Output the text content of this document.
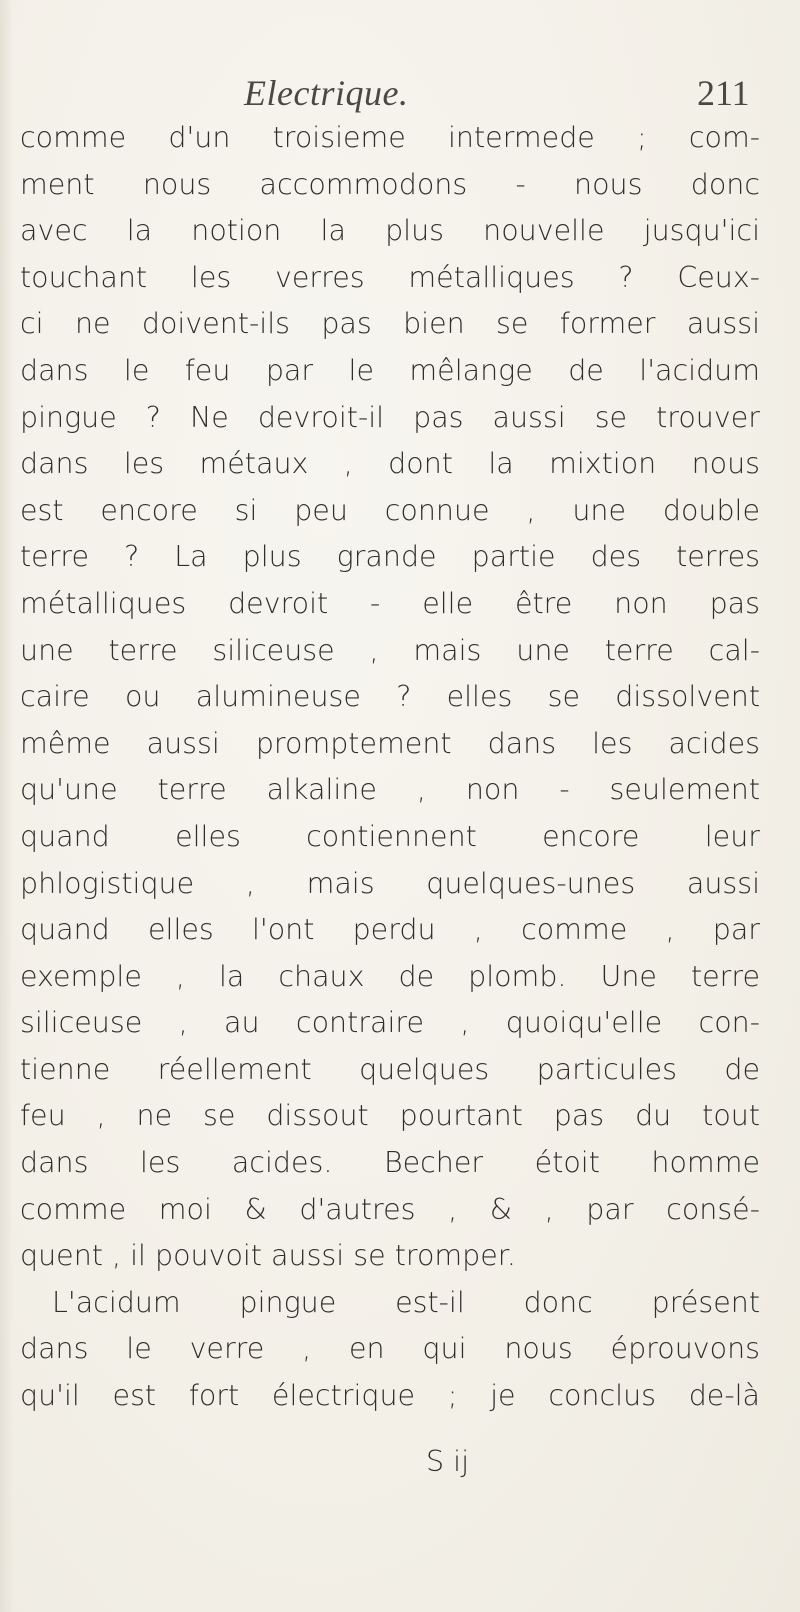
Electrique.	211
comme d'un troisieme intermede ; com-
ment nous accommodons - nous donc
avec la notion la plus nouvelle jusqu'ici
touchant les verres métalliques ? Ceux-
ci ne doivent-ils pas bien se former aussi
dans le feu par le mêlange de l'acidum
pingue ? Ne devroit-il pas aussi se trouver
dans les métaux , dont la mixtion nous
est encore si peu connue , une double
terre ? La plus grande partie des terres
métalliques devroit - elle être non pas
une terre siliceuse , mais une terre cal-
caire ou alumineuse ? elles se dissolvent
même aussi promptement dans les acides
qu'une terre alkaline , non - seulement
quand elles contiennent encore leur
phlogistique , mais quelques-unes aussi
quand elles l'ont perdu , comme , par
exemple , la chaux de plomb. Une terre
siliceuse , au contraire , quoiqu'elle con-
tienne réellement quelques particules de
feu , ne se dissout pourtant pas du tout
dans les acides. Becher étoit homme
comme moi & d'autres , & , par consé-
quent , il pouvoit aussi se tromper.
L'acidum pingue est-il donc présent
dans le verre , en qui nous éprouvons
qu'il est fort électrique ; je conclus de-là
S ij
